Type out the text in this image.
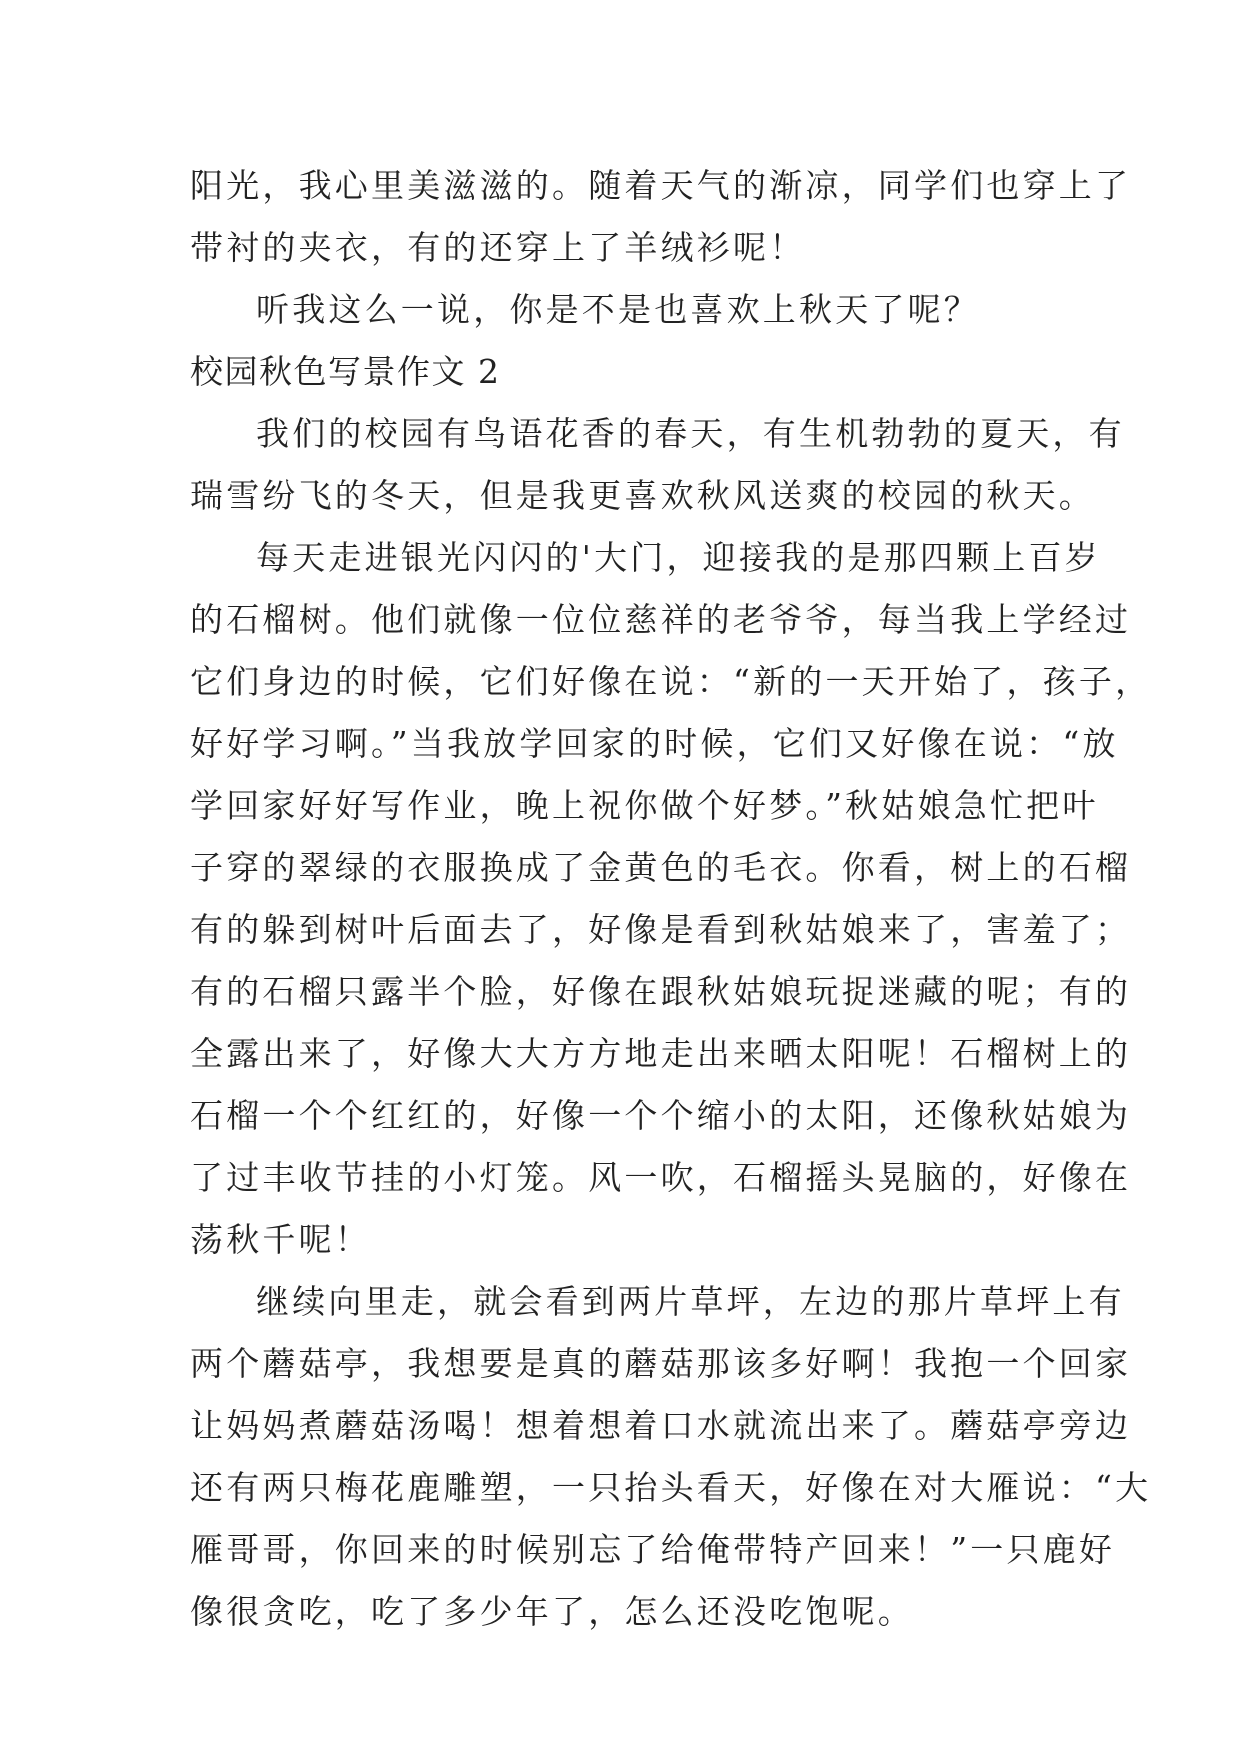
阳光，我心里美滋滋的。随着天气的渐凉，同学们也穿上了
带衬的夹衣，有的还穿上了羊绒衫呢！
听我这么一说，你是不是也喜欢上秋天了呢？
校园秋色写景作文 2
我们的校园有鸟语花香的春天，有生机勃勃的夏天，有
瑞雪纷飞的冬天，但是我更喜欢秋风送爽的校园的秋天。
每天走进银光闪闪的'大门，迎接我的是那四颗上百岁
的石榴树。他们就像一位位慈祥的老爷爷，每当我上学经过
它们身边的时候，它们好像在说：“新的一天开始了，孩子，
好好学习啊。”当我放学回家的时候，它们又好像在说：“放
学回家好好写作业，晚上祝你做个好梦。”秋姑娘急忙把叶
子穿的翠绿的衣服换成了金黄色的毛衣。你看，树上的石榴
有的躲到树叶后面去了，好像是看到秋姑娘来了，害羞了；
有的石榴只露半个脸，好像在跟秋姑娘玩捉迷藏的呢；有的
全露出来了，好像大大方方地走出来晒太阳呢！石榴树上的
石榴一个个红红的，好像一个个缩小的太阳，还像秋姑娘为
了过丰收节挂的小灯笼。风一吹，石榴摇头晃脑的，好像在
荡秋千呢！
继续向里走，就会看到两片草坪，左边的那片草坪上有
两个蘑菇亭，我想要是真的蘑菇那该多好啊！我抱一个回家
让妈妈煮蘑菇汤喝！想着想着口水就流出来了。蘑菇亭旁边
还有两只梅花鹿雕塑，一只抬头看天，好像在对大雁说：“大
雁哥哥，你回来的时候别忘了给俺带特产回来！”一只鹿好
像很贪吃，吃了多少年了，怎么还没吃饱呢。
